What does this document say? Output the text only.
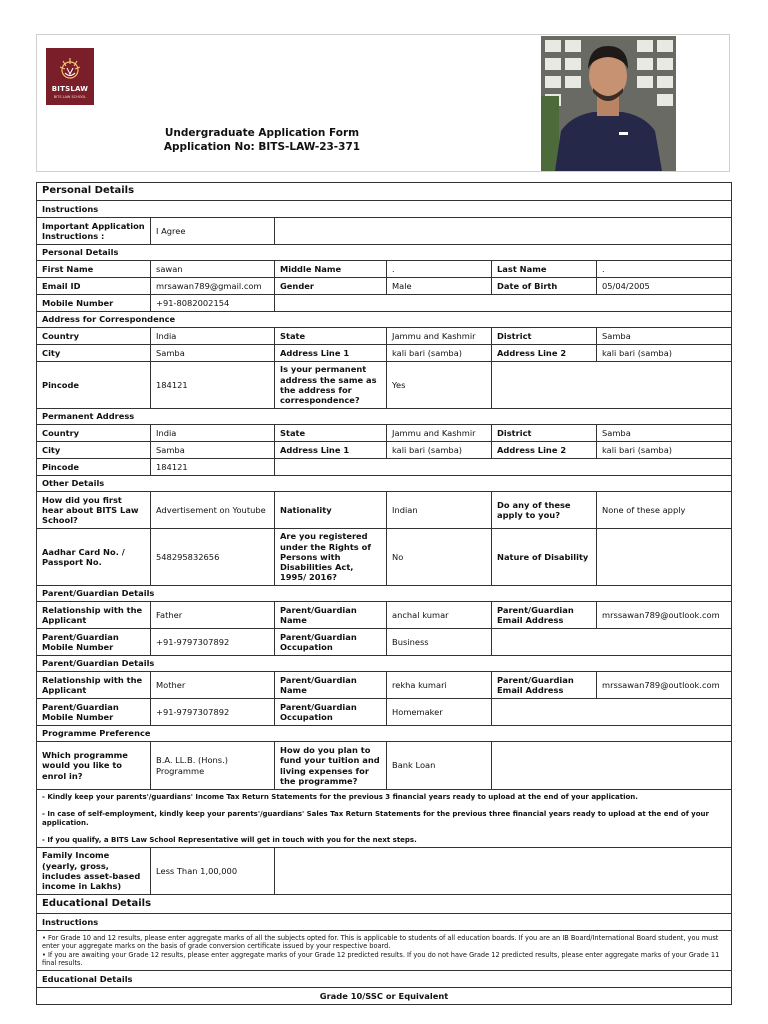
BITSLAW
BITS LAW SCHOOL
Undergraduate Application Form
Application No: BITS-LAW-23-371
Personal Details					
Instructions					
Important Application Instructions :	I Agree				
Personal Details					
First Name	sawan	Middle Name	.	Last Name	.
Email ID	mrsawan789@gmail.com	Gender	Male	Date of Birth	05/04/2005
Mobile Number	+91-8082002154				
Address for Correspondence					
Country	India	State	Jammu and Kashmir	District	Samba
City	Samba	Address Line 1	kali bari (samba)	Address Line 2	kali bari (samba)
Pincode	184121	Is your permanent address the same as the address for correspondence?	Yes		
Permanent Address					
Country	India	State	Jammu and Kashmir	District	Samba
City	Samba	Address Line 1	kali bari (samba)	Address Line 2	kali bari (samba)
Pincode	184121				
Other Details					
How did you first hear about BITS Law School?	Advertisement on Youtube	Nationality	Indian	Do any of these apply to you?	None of these apply
Aadhar Card No. / Passport No.	548295832656	Are you registered under the Rights of Persons with Disabilities Act, 1995/ 2016?	No	Nature of Disability	
Parent/Guardian Details					
Relationship with the Applicant	Father	Parent/Guardian Name	anchal kumar	Parent/Guardian Email Address	mrssawan789@outlook.com
Parent/Guardian Mobile Number	+91-9797307892	Parent/Guardian Occupation	Business		
Parent/Guardian Details					
Relationship with the Applicant	Mother	Parent/Guardian Name	rekha kumari	Parent/Guardian Email Address	mrssawan789@outlook.com
Parent/Guardian Mobile Number	+91-9797307892	Parent/Guardian Occupation	Homemaker		
Programme Preference					
Which programme would you like to enrol in?	B.A. LL.B. (Hons.) Programme	How do you plan to fund your tuition and living expenses for the programme?	Bank Loan		

- Kindly keep your parents'/guardians' Income Tax Return Statements for the previous 3 financial years ready to upload at the end of your application.
- In case of self-employment, kindly keep your parents'/guardians' Sales Tax Return Statements for the previous three financial years ready to upload at the end of your application.
- If you qualify, a BITS Law School Representative will get in touch with you for the next steps.					

Family Income (yearly, gross, includes asset-based income in Lakhs)	Less Than 1,00,000				
Educational Details					
Instructions					

• For Grade 10 and 12 results, please enter aggregate marks of all the subjects opted for. This is applicable to students of all education boards. If you are an IB Board/International Board student, you must enter your aggregate marks on the basis of grade conversion certificate issued by your respective board.
• If you are awaiting your Grade 12 results, please enter aggregate marks of your Grade 12 predicted results. If you do not have Grade 12 predicted results, please enter aggregate marks of your Grade 11 final results.					

Educational Details					
Grade 10/SSC or Equivalent					
